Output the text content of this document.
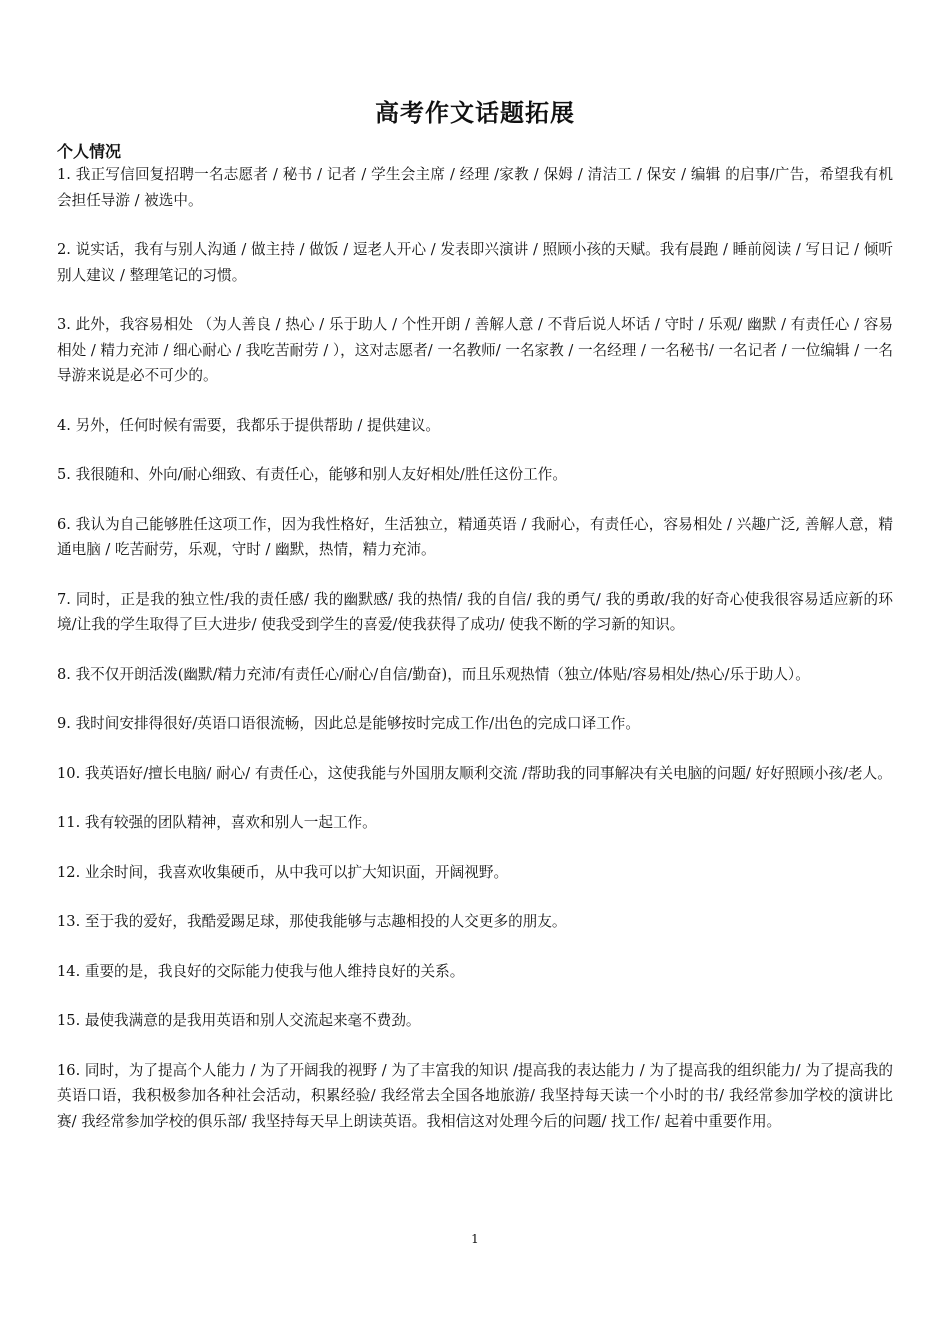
高考作文话题拓展
个人情况

1. 我正写信回复招聘一名志愿者 / 秘书 / 记者 / 学生会主席 / 经理 /家教 / 保姆 / 清洁工 / 保安 / 编辑 的启事/广告，希望我有机会担任导游 / 被选中。

2. 说实话，我有与别人沟通 / 做主持 / 做饭 / 逗老人开心 / 发表即兴演讲 / 照顾小孩的天赋。我有晨跑 / 睡前阅读 / 写日记 / 倾听别人建议 / 整理笔记的习惯。

3. 此外，我容易相处 （为人善良 / 热心 / 乐于助人 / 个性开朗 / 善解人意 / 不背后说人坏话 / 守时 / 乐观/ 幽默 / 有责任心 / 容易相处 / 精力充沛 / 细心耐心 / 我吃苦耐劳 / ），这对志愿者/ 一名教师/ 一名家教 / 一名经理 / 一名秘书/ 一名记者 / 一位编辑 / 一名导游来说是必不可少的。

4. 另外，任何时候有需要，我都乐于提供帮助 / 提供建议。

5. 我很随和、外向/耐心细致、有责任心，能够和别人友好相处/胜任这份工作。

6. 我认为自己能够胜任这项工作，因为我性格好，生活独立，精通英语 / 我耐心，有责任心，容易相处 / 兴趣广泛, 善解人意，精通电脑 / 吃苦耐劳，乐观，守时 / 幽默，热情，精力充沛。

7. 同时，正是我的独立性/我的责任感/ 我的幽默感/ 我的热情/ 我的自信/ 我的勇气/ 我的勇敢/我的好奇心使我很容易适应新的环境/让我的学生取得了巨大进步/ 使我受到学生的喜爱/使我获得了成功/ 使我不断的学习新的知识。

8. 我不仅开朗活泼(幽默/精力充沛/有责任心/耐心/自信/勤奋)，而且乐观热情（独立/体贴/容易相处/热心/乐于助人）。

9. 我时间安排得很好/英语口语很流畅，因此总是能够按时完成工作/出色的完成口译工作。

10. 我英语好/擅长电脑/ 耐心/ 有责任心，这使我能与外国朋友顺利交流 /帮助我的同事解决有关电脑的问题/ 好好照顾小孩/老人。

11. 我有较强的团队精神，喜欢和别人一起工作。

12. 业余时间，我喜欢收集硬币，从中我可以扩大知识面，开阔视野。

13. 至于我的爱好，我酷爱踢足球，那使我能够与志趣相投的人交更多的朋友。

14. 重要的是，我良好的交际能力使我与他人维持良好的关系。

15. 最使我满意的是我用英语和别人交流起来毫不费劲。

16. 同时，为了提高个人能力 / 为了开阔我的视野 / 为了丰富我的知识 /提高我的表达能力 / 为了提高我的组织能力/ 为了提高我的英语口语，我积极参加各种社会活动，积累经验/ 我经常去全国各地旅游/ 我坚持每天读一个小时的书/ 我经常参加学校的演讲比赛/ 我经常参加学校的俱乐部/ 我坚持每天早上朗读英语。我相信这对处理今后的问题/ 找工作/ 起着中重要作用。

1
